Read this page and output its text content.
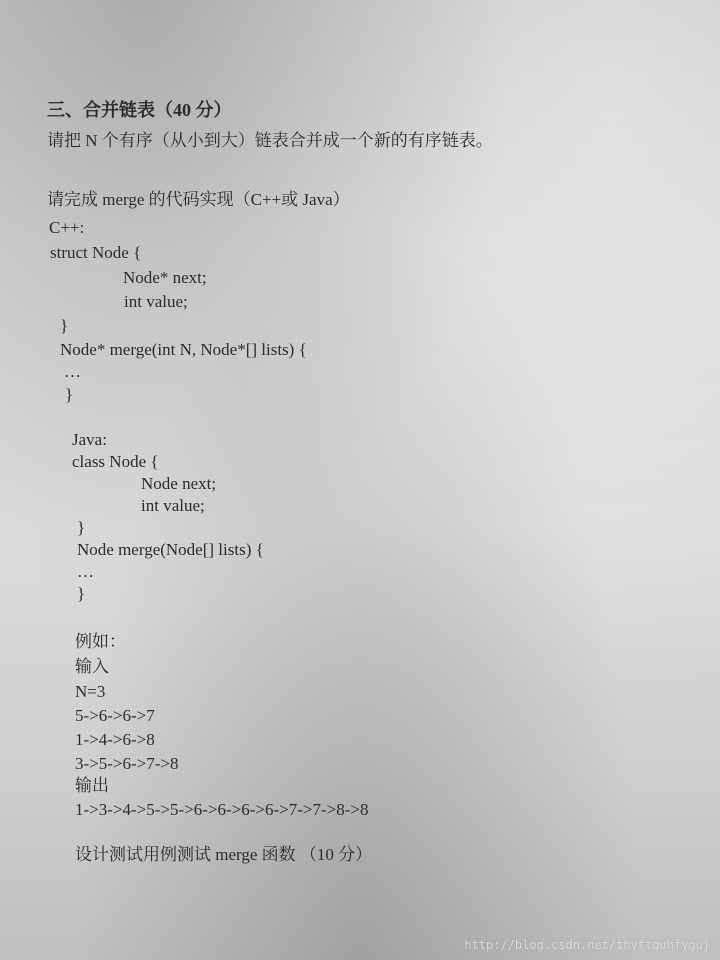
三、合并链表（40 分）
请把 N 个有序（从小到大）链表合并成一个新的有序链表。
请完成 merge 的代码实现（C++或 Java）
C++:
struct Node {
Node* next;
int value;
}
Node* merge(int N, Node*[] lists) {
…
}
Java:
class Node {
Node next;
int value;
}
Node merge(Node[] lists) {
…
}
例如：
输入
N=3
5->6->6->7
1->4->6->8
3->5->6->7->8
输出
1->3->4->5->5->6->6->6->6->7->7->8->8
设计测试用例测试 merge 函数 （10 分）
http://blog.csdn.net/thyftguhfyguj
